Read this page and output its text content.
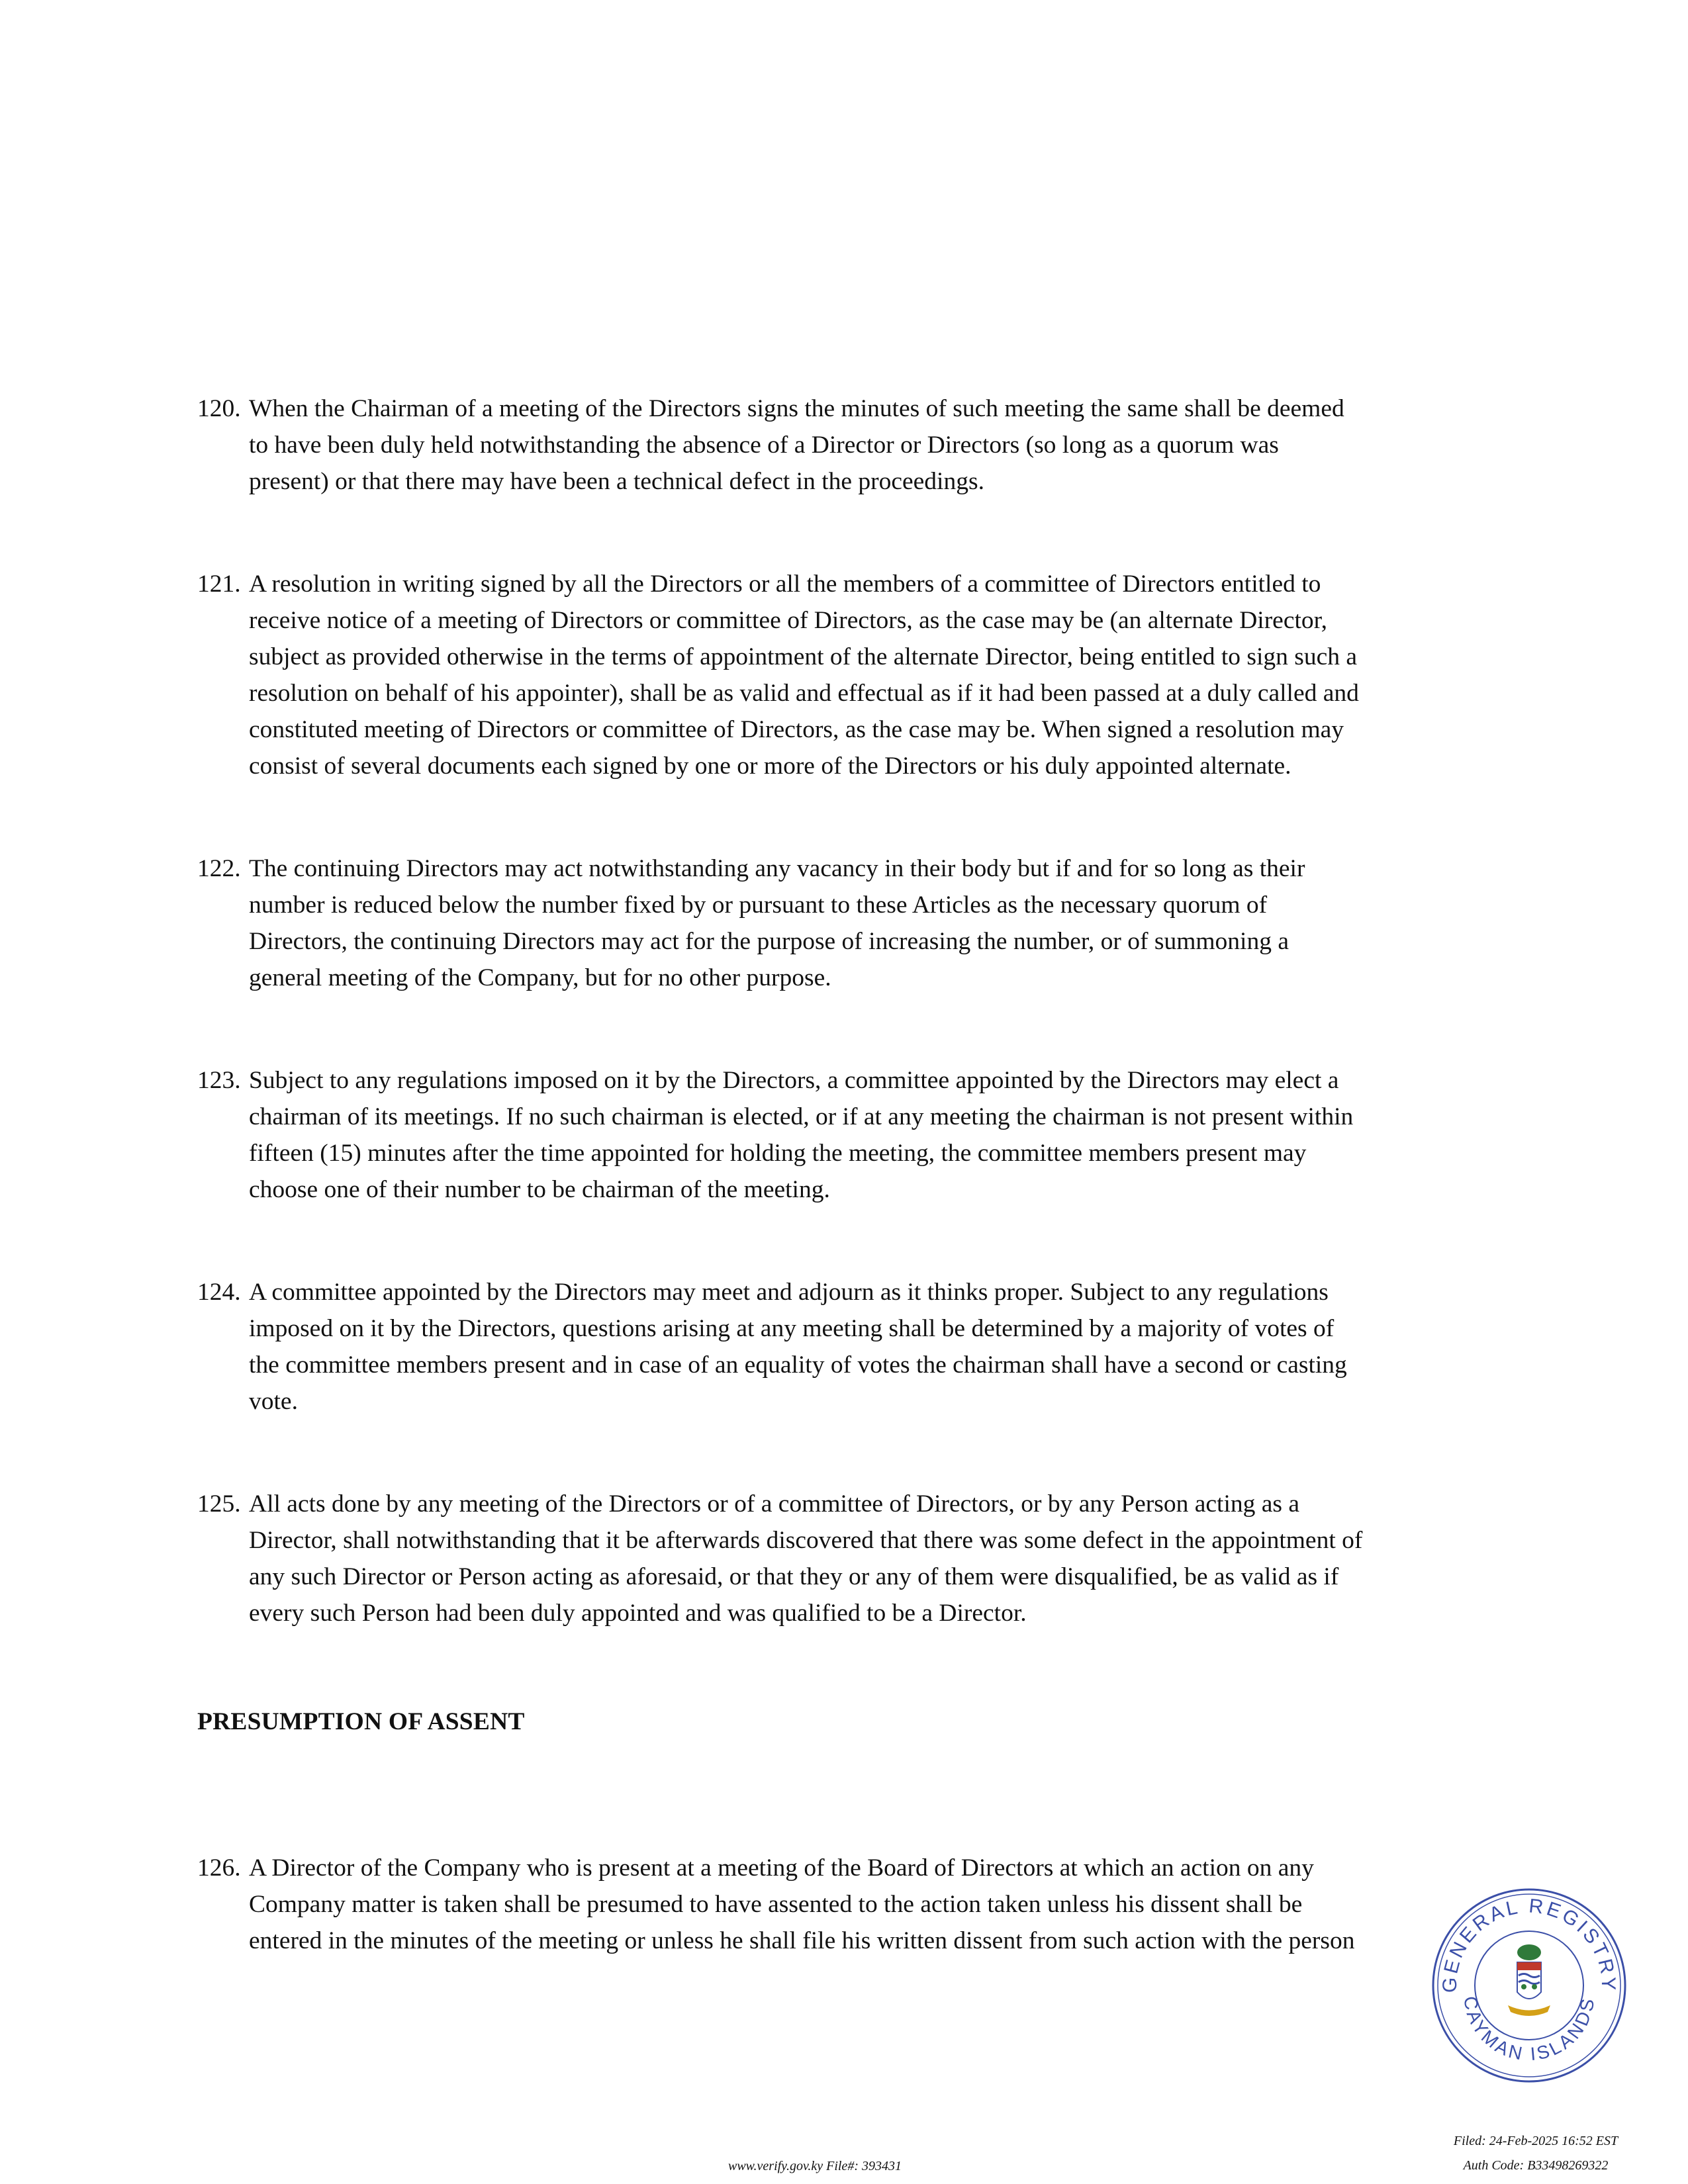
120. When the Chairman of a meeting of the Directors signs the minutes of such meeting the same shall be deemed
to have been duly held notwithstanding the absence of a Director or Directors (so long as a quorum was
present) or that there may have been a technical defect in the proceedings.
121. A resolution in writing signed by all the Directors or all the members of a committee of Directors entitled to
receive notice of a meeting of Directors or committee of Directors, as the case may be (an alternate Director,
subject as provided otherwise in the terms of appointment of the alternate Director, being entitled to sign such a
resolution on behalf of his appointer), shall be as valid and effectual as if it had been passed at a duly called and
constituted meeting of Directors or committee of Directors, as the case may be. When signed a resolution may
consist of several documents each signed by one or more of the Directors or his duly appointed alternate.
122. The continuing Directors may act notwithstanding any vacancy in their body but if and for so long as their
number is reduced below the number fixed by or pursuant to these Articles as the necessary quorum of
Directors, the continuing Directors may act for the purpose of increasing the number, or of summoning a
general meeting of the Company, but for no other purpose.
123. Subject to any regulations imposed on it by the Directors, a committee appointed by the Directors may elect a
chairman of its meetings. If no such chairman is elected, or if at any meeting the chairman is not present within
fifteen (15) minutes after the time appointed for holding the meeting, the committee members present may
choose one of their number to be chairman of the meeting.
124. A committee appointed by the Directors may meet and adjourn as it thinks proper. Subject to any regulations
imposed on it by the Directors, questions arising at any meeting shall be determined by a majority of votes of
the committee members present and in case of an equality of votes the chairman shall have a second or casting
vote.
125. All acts done by any meeting of the Directors or of a committee of Directors, or by any Person acting as a
Director, shall notwithstanding that it be afterwards discovered that there was some defect in the appointment of
any such Director or Person acting as aforesaid, or that they or any of them were disqualified, be as valid as if
every such Person had been duly appointed and was qualified to be a Director.
PRESUMPTION OF ASSENT
126. A Director of the Company who is present at a meeting of the Board of Directors at which an action on any
Company matter is taken shall be presumed to have assented to the action taken unless his dissent shall be
entered in the minutes of the meeting or unless he shall file his written dissent from such action with the person
GENERAL REGISTRY
CAYMAN ISLANDS
www.verify.gov.ky File#: 393431
Filed: 24-Feb-2025 16:52 EST
Auth Code: B33498269322
